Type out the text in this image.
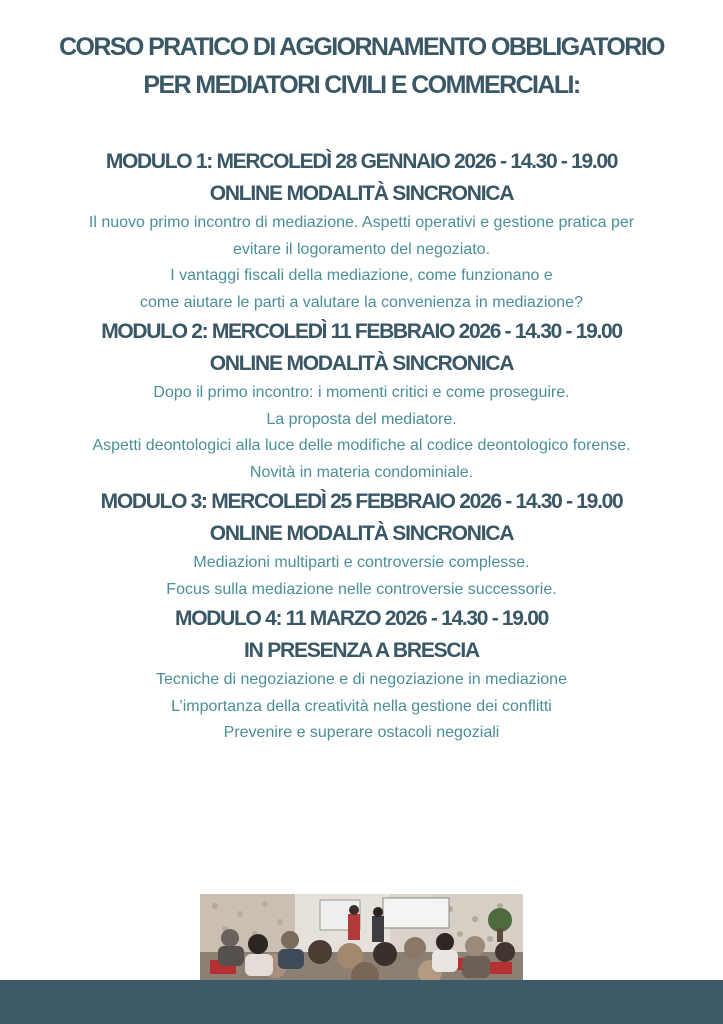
CORSO PRATICO DI AGGIORNAMENTO OBBLIGATORIO
PER MEDIATORI CIVILI E COMMERCIALI:
MODULO 1: MERCOLEDÌ 28 GENNAIO 2026 - 14.30 - 19.00
ONLINE MODALITÀ SINCRONICA
Il nuovo primo incontro di mediazione. Aspetti operativi e gestione pratica per
evitare il logoramento del negoziato.
I vantaggi fiscali della mediazione, come funzionano e
come aiutare le parti a valutare la convenienza in mediazione?
MODULO 2: MERCOLEDÌ 11 FEBBRAIO 2026 - 14.30 - 19.00
ONLINE MODALITÀ SINCRONICA
Dopo il primo incontro: i momenti critici e come proseguire.
La proposta del mediatore.
Aspetti deontologici alla luce delle modifiche al codice deontologico forense.
Novità in materia condominiale.
MODULO 3: MERCOLEDÌ 25 FEBBRAIO 2026 - 14.30 - 19.00
ONLINE MODALITÀ SINCRONICA
Mediazioni multiparti e controversie complesse.
Focus sulla mediazione nelle controversie successorie.
MODULO 4: 11 MARZO 2026 - 14.30 - 19.00
IN PRESENZA A BRESCIA
Tecniche di negoziazione e di negoziazione in mediazione
L’importanza della creatività nella gestione dei conflitti
Prevenire e superare ostacoli negoziali
